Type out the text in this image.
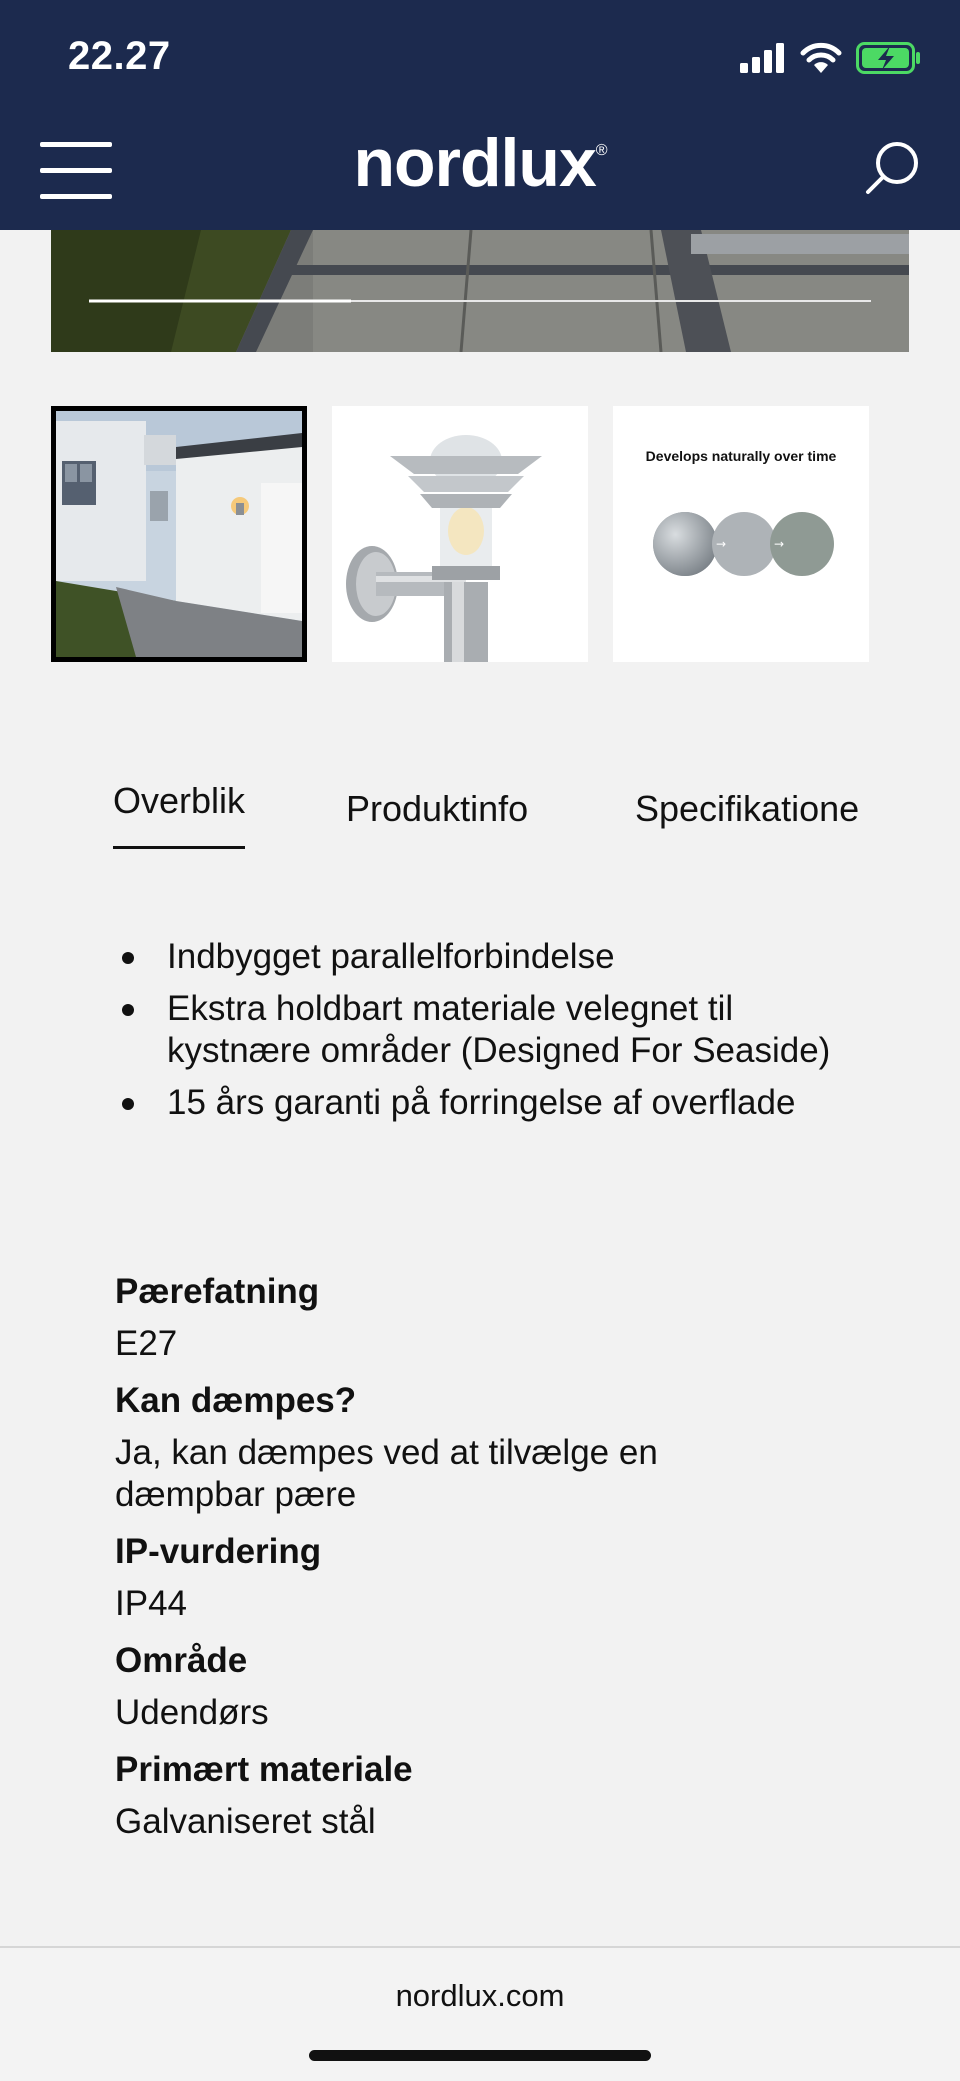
22.27
nordlux®
→	→
Develops naturally over time
Overblik	Produktinfo	Specifikatione
Indbygget parallelforbindelse
Ekstra holdbart materiale velegnet til kystnære områder (Designed For Seaside)
15 års garanti på forringelse af overflade
Pærefatning
E27
Kan dæmpes?
Ja, kan dæmpes ved at tilvælge en dæmpbar pære
IP-vurdering
IP44
Område
Udendørs
Primært materiale
Galvaniseret stål
nordlux.com
